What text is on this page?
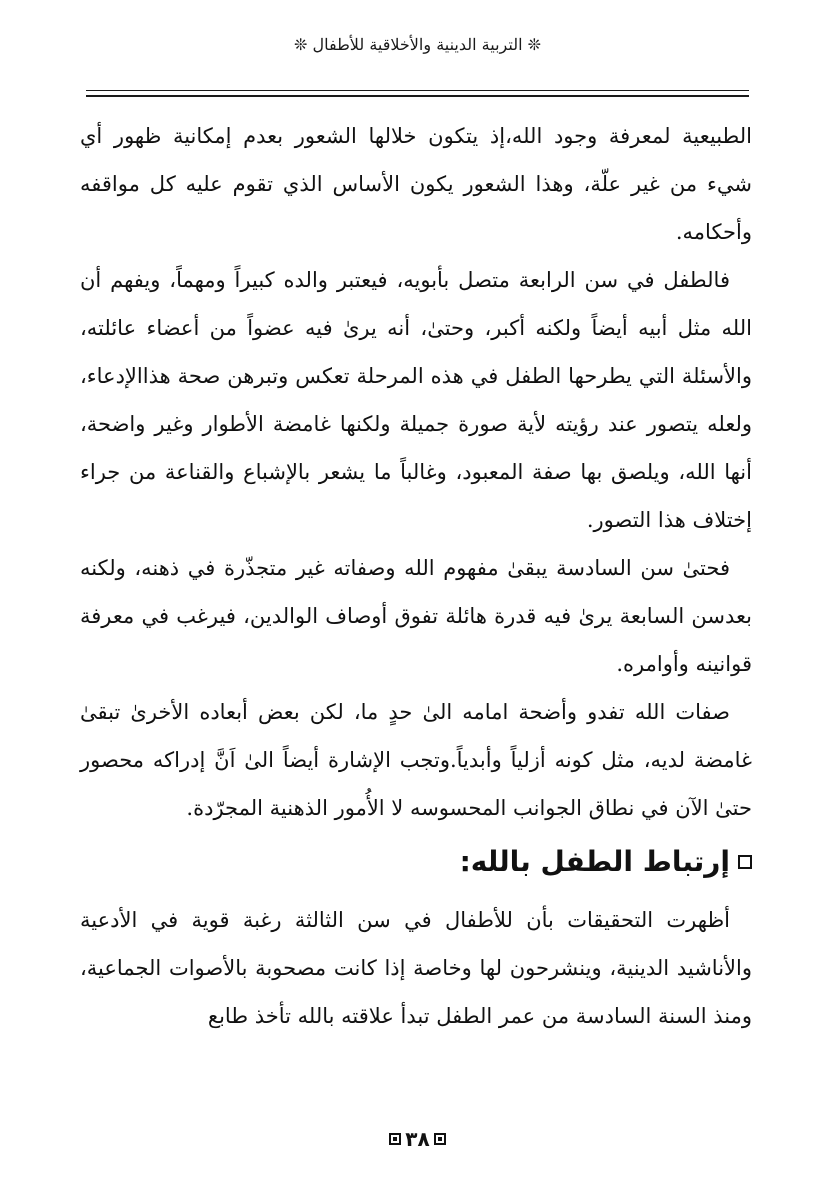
❊ التربية الدينية والأخلاقية للأطفال ❊

الطبيعية لمعرفة وجود الله،إذ يتكون خلالها الشعور بعدم إمكانية ظهور أي شيء من غير علّة، وهذا الشعور يكون الأساس الذي تقوم عليه كل مواقفه وأحكامه.

فالطفل في سن الرابعة متصل بأبويه، فيعتبر والده كبيراً ومهماً، ويفهم أن الله مثل أبيه أيضاً ولكنه أكبر، وحتىٰ، أنه يرىٰ فيه عضواً من أعضاء عائلته، والأسئلة التي يطرحها الطفل في هذه المرحلة تعكس وتبرهن صحة هذاالإدعاء، ولعله يتصور عند رؤيته لأية صورة جميلة ولكنها غامضة الأطوار وغير واضحة، أنها الله، ويلصق بها صفة المعبود، وغالباً ما يشعر بالإشباع والقناعة من جراء إختلاف هذا التصور.

فحتىٰ سن السادسة يبقىٰ مفهوم الله وصفاته غير متجذّرة في ذهنه، ولكنه بعدسن السابعة يرىٰ فيه قدرة هائلة تفوق أوصاف الوالدين، فيرغب في معرفة قوانينه وأوامره.

صفات الله تفدو وأضحة امامه الىٰ حدٍ ما، لكن بعض أبعاده الأخرىٰ تبقىٰ غامضة لديه، مثل كونه أزلياً وأبدياً.وتجب الإشارة أيضاً الىٰ اَنَّ إدراكه محصور حتىٰ الآن في نطاق الجوانب المحسوسه لا الأُمور الذهنية المجرّدة.

إرتباط الطفل بالله:

أظهرت التحقيقات بأن للأطفال في سن الثالثة رغبة قوية في الأدعية والأناشيد الدينية، وينشرحون لها وخاصة إذا كانت مصحوبة بالأصوات الجماعية، ومنذ السنة السادسة من عمر الطفل تبدأ علاقته بالله تأخذ طابع

٣٨
